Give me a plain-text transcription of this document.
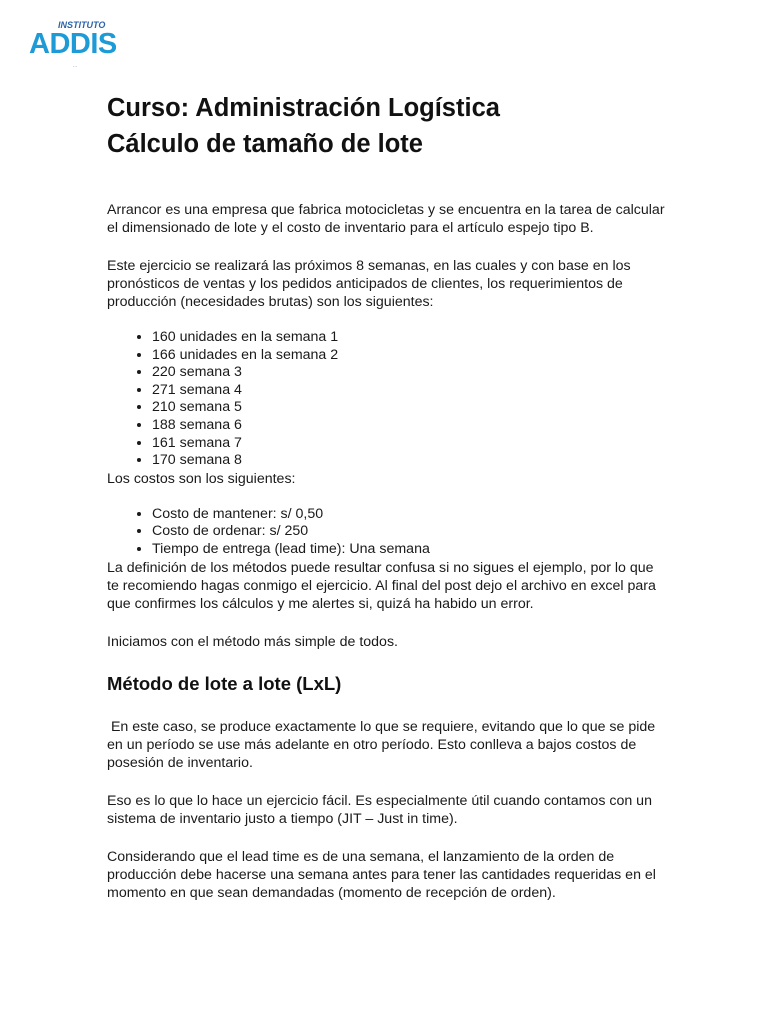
INSTITUTO
ADDIS
...
Curso: Administración Logística
Cálculo de tamaño de lote

Arrancor es una empresa que fabrica motocicletas y se encuentra en la tarea de calcular el dimensionado de lote y el costo de inventario para el artículo espejo tipo B.

Este ejercicio se realizará las próximos 8 semanas, en las cuales y con base en los pronósticos de ventas y los pedidos anticipados de clientes, los requerimientos de producción (necesidades brutas) son los siguientes:

• 160 unidades en la semana 1
• 166 unidades en la semana 2
• 220 semana 3
• 271 semana 4
• 210 semana 5
• 188 semana 6
• 161 semana 7
• 170 semana 8

Los costos son los siguientes:

• Costo de mantener: s/ 0,50
• Costo de ordenar: s/ 250
• Tiempo de entrega (lead time): Una semana

La definición de los métodos puede resultar confusa si no sigues el ejemplo, por lo que te recomiendo hagas conmigo el ejercicio. Al final del post dejo el archivo en excel para que confirmes los cálculos y me alertes si, quizá ha habido un error.

Iniciamos con el método más simple de todos.

Método de lote a lote (LxL)

En este caso, se produce exactamente lo que se requiere, evitando que lo que se pide en un período se use más adelante en otro período. Esto conlleva a bajos costos de posesión de inventario.

Eso es lo que lo hace un ejercicio fácil. Es especialmente útil cuando contamos con un sistema de inventario justo a tiempo (JIT – Just in time).

Considerando que el lead time es de una semana, el lanzamiento de la orden de producción debe hacerse una semana antes para tener las cantidades requeridas en el momento en que sean demandadas (momento de recepción de orden).
